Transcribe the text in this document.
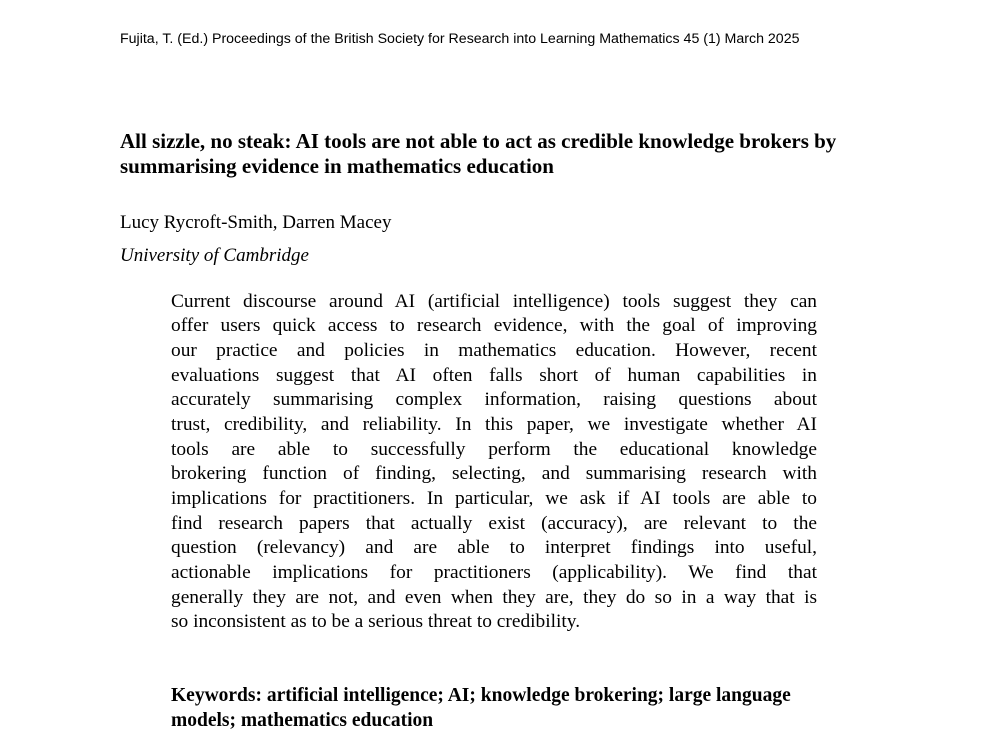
Fujita, T. (Ed.) Proceedings of the British Society for Research into Learning Mathematics 45 (1) March 2025
All sizzle, no steak: AI tools are not able to act as credible knowledge brokers by
summarising evidence in mathematics education
Lucy Rycroft-Smith, Darren Macey
University of Cambridge
Current discourse around AI (artificial intelligence) tools suggest they can
offer users quick access to research evidence, with the goal of improving
our practice and policies in mathematics education. However, recent
evaluations suggest that AI often falls short of human capabilities in
accurately summarising complex information, raising questions about
trust, credibility, and reliability. In this paper, we investigate whether AI
tools are able to successfully perform the educational knowledge
brokering function of finding, selecting, and summarising research with
implications for practitioners. In particular, we ask if AI tools are able to
find research papers that actually exist (accuracy), are relevant to the
question (relevancy) and are able to interpret findings into useful,
actionable implications for practitioners (applicability). We find that
generally they are not, and even when they are, they do so in a way that is
so inconsistent as to be a serious threat to credibility.
Keywords: artificial intelligence; AI; knowledge brokering; large language
models; mathematics education
